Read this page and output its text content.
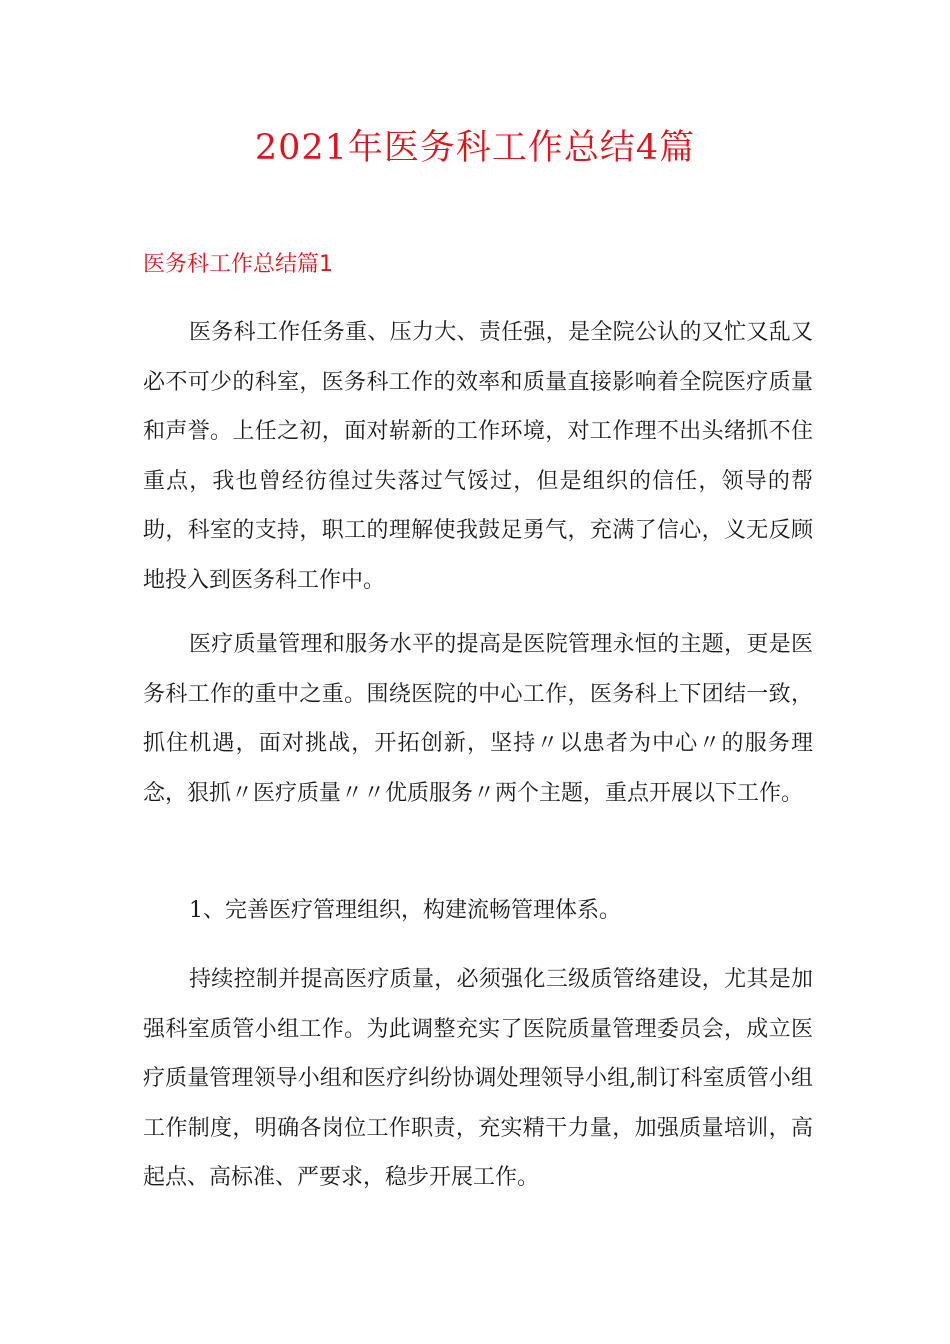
2021年医务科工作总结4篇
医务科工作总结篇1

医务科工作任务重、压力大、责任强，是全院公认的又忙又乱又必不可少的科室，医务科工作的效率和质量直接影响着全院医疗质量和声誉。上任之初，面对崭新的工作环境，对工作理不出头绪抓不住重点，我也曾经彷徨过失落过气馁过，但是组织的信任，领导的帮助，科室的支持，职工的理解使我鼓足勇气，充满了信心，义无反顾地投入到医务科工作中。

医疗质量管理和服务水平的提高是医院管理永恒的主题，更是医务科工作的重中之重。围绕医院的中心工作，医务科上下团结一致，抓住机遇，面对挑战，开拓创新，坚持〃以患者为中心〃的服务理念，狠抓〃医疗质量〃〃优质服务〃两个主题，重点开展以下工作。

1、完善医疗管理组织，构建流畅管理体系。

持续控制并提高医疗质量，必须强化三级质管络建设，尤其是加强科室质管小组工作。为此调整充实了医院质量管理委员会，成立医疗质量管理领导小组和医疗纠纷协调处理领导小组,制订科室质管小组工作制度，明确各岗位工作职责，充实精干力量，加强质量培训，高起点、高标准、严要求，稳步开展工作。
